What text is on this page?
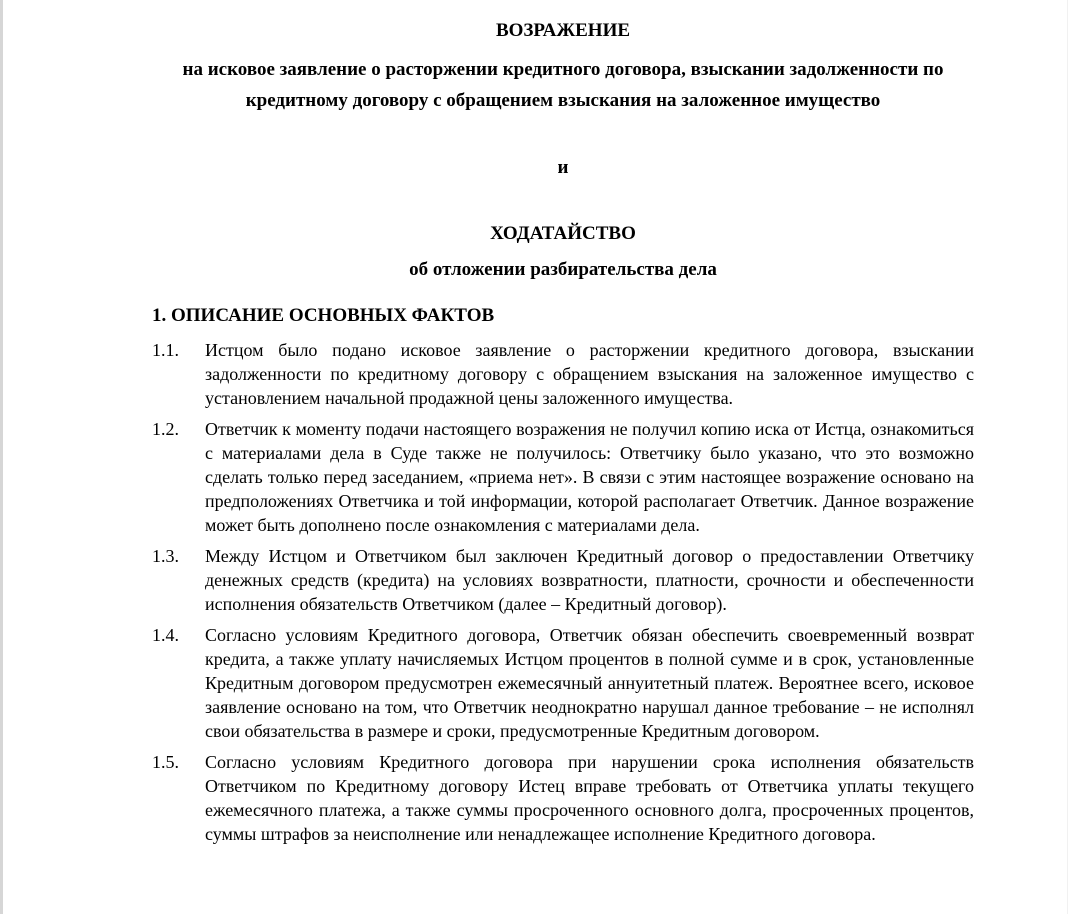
ВОЗРАЖЕНИЕ
на исковое заявление о расторжении кредитного договора, взыскании задолженности по
кредитному договору с обращением взыскания на заложенное имущество
и
ХОДАТАЙСТВО
об отложении разбирательства дела
1. ОПИСАНИЕ ОСНОВНЫХ ФАКТОВ
1.1.	Истцом было подано исковое заявление о расторжении кредитного договора, взыскании задолженности по кредитному договору с обращением взыскания на заложенное имущество с установлением начальной продажной цены заложенного имущества.
1.2.	Ответчик к моменту подачи настоящего возражения не получил копию иска от Истца, ознакомиться с материалами дела в Суде также не получилось: Ответчику было указано, что это возможно сделать только перед заседанием, «приема нет». В связи с этим настоящее возражение основано на предположениях Ответчика и той информации, которой располагает Ответчик. Данное возражение может быть дополнено после ознакомления с материалами дела.
1.3.	Между Истцом и Ответчиком был заключен Кредитный договор о предоставлении Ответчику денежных средств (кредита) на условиях возвратности, платности, срочности и обеспеченности исполнения обязательств Ответчиком (далее – Кредитный договор).
1.4.	Согласно условиям Кредитного договора, Ответчик обязан обеспечить своевременный возврат кредита, а также уплату начисляемых Истцом процентов в полной сумме и в срок, установленные Кредитным договором предусмотрен ежемесячный аннуитетный платеж. Вероятнее всего, исковое заявление основано на том, что Ответчик неоднократно нарушал данное требование – не исполнял свои обязательства в размере и сроки, предусмотренные Кредитным договором.
1.5.	Согласно условиям Кредитного договора при нарушении срока исполнения обязательств Ответчиком по Кредитному договору Истец вправе требовать от Ответчика уплаты текущего ежемесячного платежа, а также суммы просроченного основного долга, просроченных процентов, суммы штрафов за неисполнение или ненадлежащее исполнение Кредитного договора.
